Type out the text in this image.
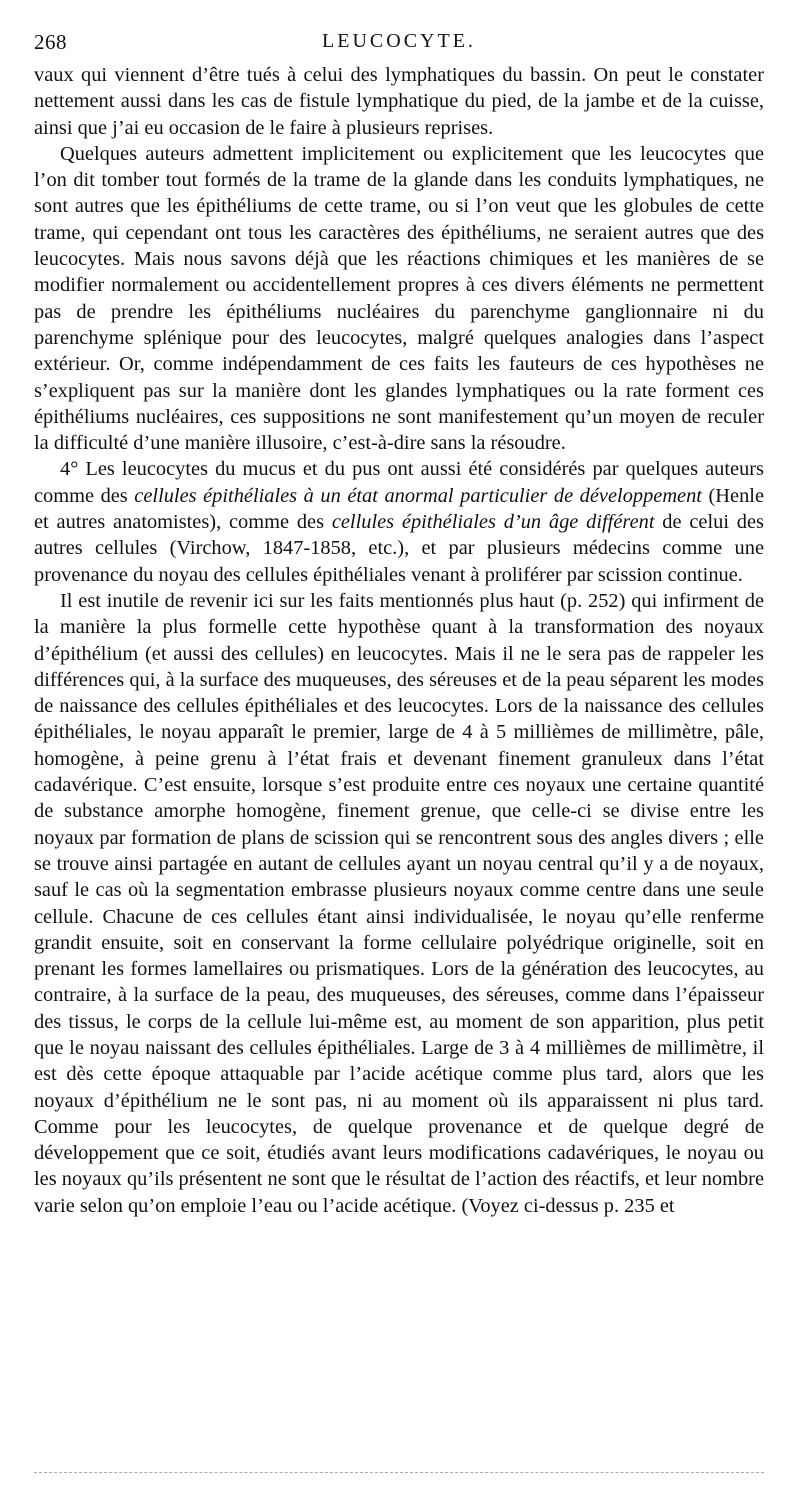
268	LEUCOCYTE.

vaux qui viennent d’être tués à celui des lymphatiques du bassin. On peut le constater nettement aussi dans les cas de fistule lymphatique du pied, de la jambe et de la cuisse, ainsi que j’ai eu occasion de le faire à plusieurs reprises.

Quelques auteurs admettent implicitement ou explicitement que les leucocytes que l’on dit tomber tout formés de la trame de la glande dans les conduits lymphatiques, ne sont autres que les épithéliums de cette trame, ou si l’on veut que les globules de cette trame, qui cependant ont tous les caractères des épithéliums, ne seraient autres que des leucocytes. Mais nous savons déjà que les réactions chimiques et les manières de se modifier normalement ou accidentellement propres à ces divers éléments ne permettent pas de prendre les épithéliums nucléaires du parenchyme ganglionnaire ni du parenchyme splénique pour des leucocytes, malgré quelques analogies dans l’aspect extérieur. Or, comme indépendamment de ces faits les fauteurs de ces hypothèses ne s’expliquent pas sur la manière dont les glandes lymphatiques ou la rate forment ces épithéliums nucléaires, ces suppositions ne sont manifestement qu’un moyen de reculer la difficulté d’une manière illusoire, c’est-à-dire sans la résoudre.

4° Les leucocytes du mucus et du pus ont aussi été considérés par quelques auteurs comme des cellules épithéliales à un état anormal particulier de développement (Henle et autres anatomistes), comme des cellules épithéliales d’un âge différent de celui des autres cellules (Virchow, 1847-1858, etc.), et par plusieurs médecins comme une provenance du noyau des cellules épithéliales venant à proliférer par scission continue.

Il est inutile de revenir ici sur les faits mentionnés plus haut (p. 252) qui infirment de la manière la plus formelle cette hypothèse quant à la transformation des noyaux d’épithélium (et aussi des cellules) en leucocytes. Mais il ne le sera pas de rappeler les différences qui, à la surface des muqueuses, des séreuses et de la peau séparent les modes de naissance des cellules épithéliales et des leucocytes. Lors de la naissance des cellules épithéliales, le noyau apparaît le premier, large de 4 à 5 millièmes de millimètre, pâle, homogène, à peine grenu à l’état frais et devenant finement granuleux dans l’état cadavérique. C’est ensuite, lorsque s’est produite entre ces noyaux une certaine quantité de substance amorphe homogène, finement grenue, que celle-ci se divise entre les noyaux par formation de plans de scission qui se rencontrent sous des angles divers ; elle se trouve ainsi partagée en autant de cellules ayant un noyau central qu’il y a de noyaux, sauf le cas où la segmentation embrasse plusieurs noyaux comme centre dans une seule cellule. Chacune de ces cellules étant ainsi individualisée, le noyau qu’elle renferme grandit ensuite, soit en conservant la forme cellulaire polyédrique originelle, soit en prenant les formes lamellaires ou prismatiques. Lors de la génération des leucocytes, au contraire, à la surface de la peau, des muqueuses, des séreuses, comme dans l’épaisseur des tissus, le corps de la cellule lui-même est, au moment de son apparition, plus petit que le noyau naissant des cellules épithéliales. Large de 3 à 4 millièmes de millimètre, il est dès cette époque attaquable par l’acide acétique comme plus tard, alors que les noyaux d’épithélium ne le sont pas, ni au moment où ils apparaissent ni plus tard. Comme pour les leucocytes, de quelque provenance et de quelque degré de développement que ce soit, étudiés avant leurs modifications cadavériques, le noyau ou les noyaux qu’ils présentent ne sont que le résultat de l’action des réactifs, et leur nombre varie selon qu’on emploie l’eau ou l’acide acétique. (Voyez ci-dessus p. 235 et
